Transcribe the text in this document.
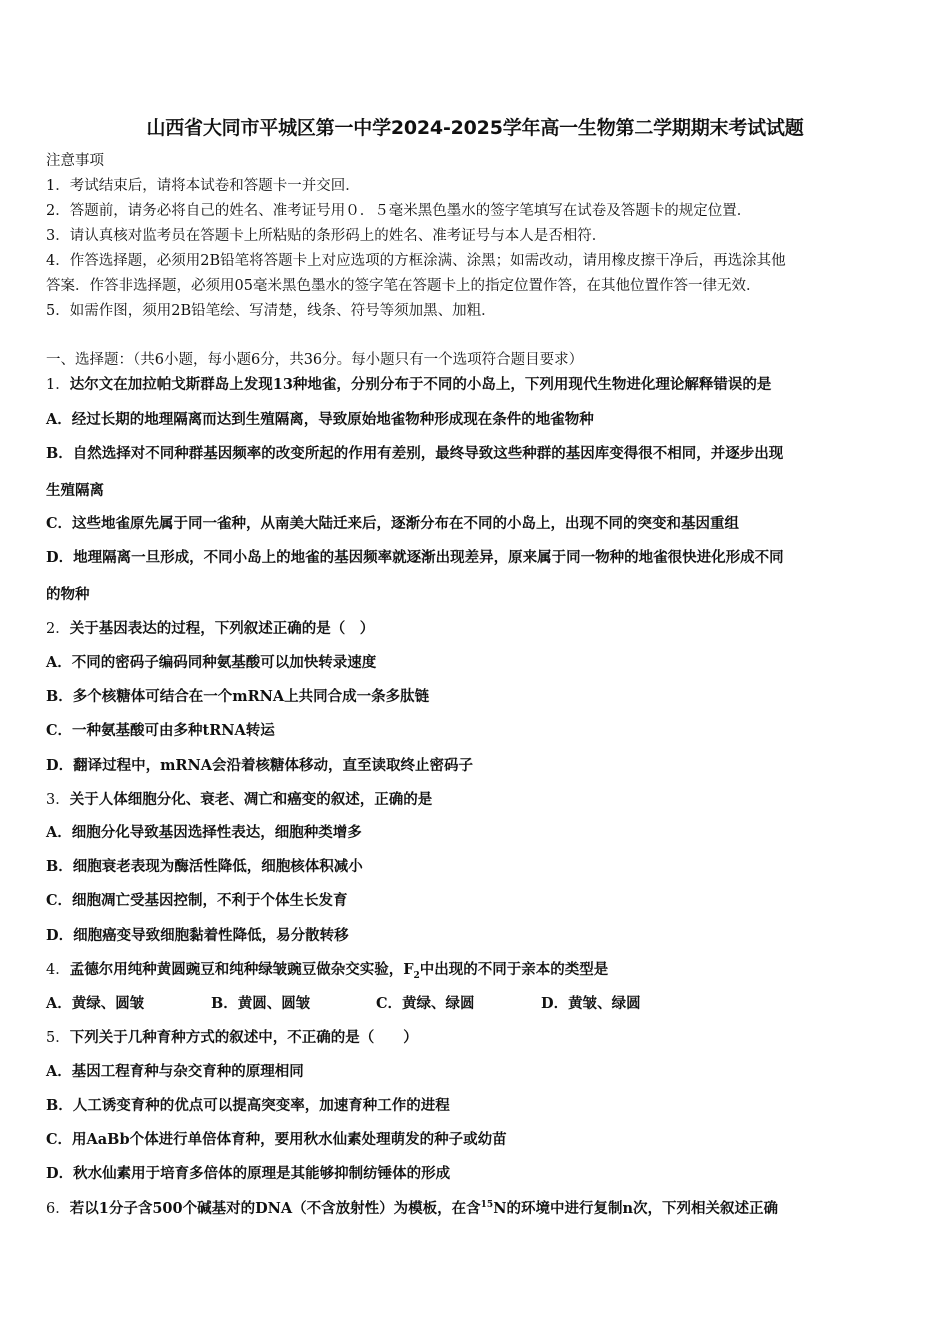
山西省大同市平城区第一中学2024-2025学年高一生物第二学期期末考试试题
注意事项
1．考试结束后，请将本试卷和答题卡一并交回．
2．答题前，请务必将自己的姓名、准考证号用０．５毫米黑色墨水的签字笔填写在试卷及答题卡的规定位置．
3．请认真核对监考员在答题卡上所粘贴的条形码上的姓名、准考证号与本人是否相符．
4．作答选择题，必须用2B铅笔将答题卡上对应选项的方框涂满、涂黑；如需改动，请用橡皮擦干净后，再选涂其他
答案．作答非选择题，必须用05毫米黑色墨水的签字笔在答题卡上的指定位置作答，在其他位置作答一律无效．
5．如需作图，须用2B铅笔绘、写清楚，线条、符号等须加黑、加粗．
一、选择题：（共6小题，每小题6分，共36分。每小题只有一个选项符合题目要求）
1．达尔文在加拉帕戈斯群岛上发现13种地雀，分别分布于不同的小岛上，下列用现代生物进化理论解释错误的是
A．经过长期的地理隔离而达到生殖隔离，导致原始地雀物种形成现在条件的地雀物种
B．自然选择对不同种群基因频率的改变所起的作用有差别，最终导致这些种群的基因库变得很不相同，并逐步出现
生殖隔离
C．这些地雀原先属于同一雀种，从南美大陆迁来后，逐渐分布在不同的小岛上，出现不同的突变和基因重组
D．地理隔离一旦形成，不同小岛上的地雀的基因频率就逐渐出现差异，原来属于同一物种的地雀很快进化形成不同
的物种
2．关于基因表达的过程，下列叙述正确的是（　）
A．不同的密码子编码同种氨基酸可以加快转录速度
B．多个核糖体可结合在一个mRNA上共同合成一条多肽链
C．一种氨基酸可由多种tRNA转运
D．翻译过程中，mRNA会沿着核糖体移动，直至读取终止密码子
3．关于人体细胞分化、衰老、凋亡和癌变的叙述，正确的是
A．细胞分化导致基因选择性表达，细胞种类增多
B．细胞衰老表现为酶活性降低，细胞核体积减小
C．细胞凋亡受基因控制，不利于个体生长发育
D．细胞癌变导致细胞黏着性降低，易分散转移
4．孟德尔用纯种黄圆豌豆和纯种绿皱豌豆做杂交实验，$F_2$中出现的不同于亲本的类型是
A．黄绿、圆皱	B．黄圆、圆皱	C．黄绿、绿圆	D．黄皱、绿圆
5．下列关于几种育种方式的叙述中，不正确的是（　　）
A．基因工程育种与杂交育种的原理相同
B．人工诱变育种的优点可以提高突变率，加速育种工作的进程
C．用AaBb个体进行单倍体育种，要用秋水仙素处理萌发的种子或幼苗
D．秋水仙素用于培育多倍体的原理是其能够抑制纺锤体的形成
6．若以1分子含500个碱基对的DNA（不含放射性）为模板，在含$^{15}$N的环境中进行复制n次，下列相关叙述正确
